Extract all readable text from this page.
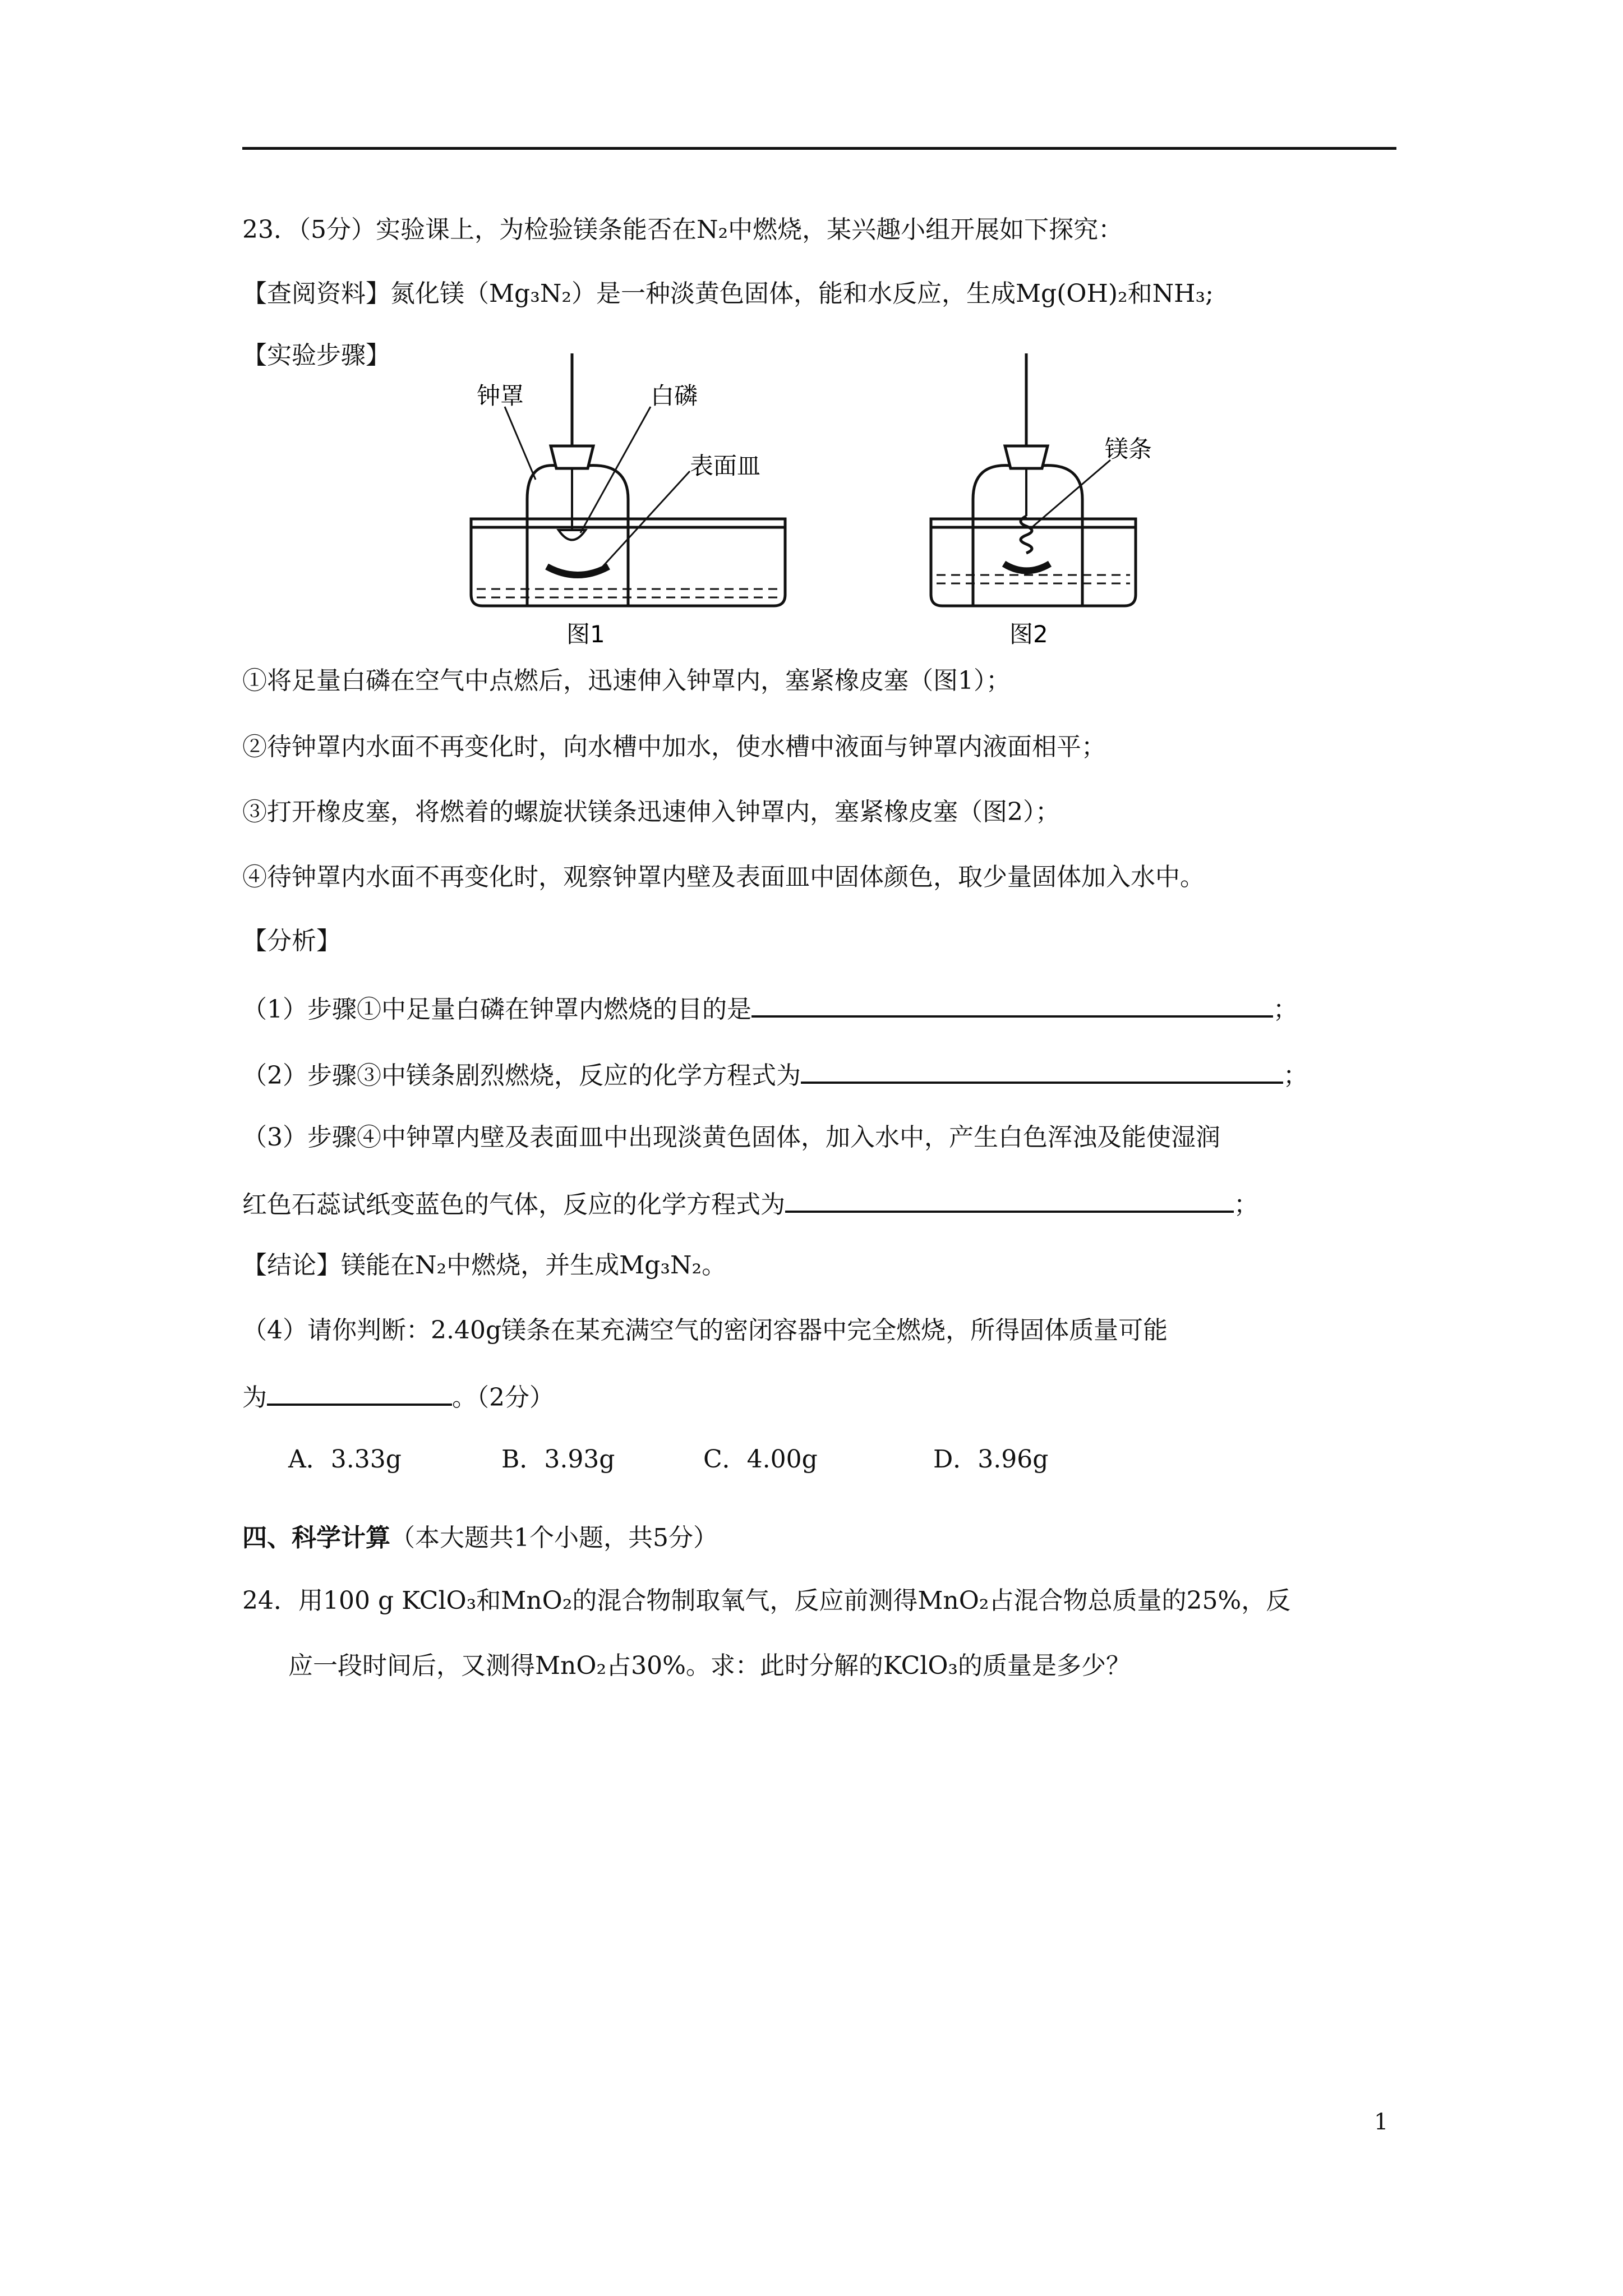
23．（5分）实验课上，为检验镁条能否在N₂中燃烧，某兴趣小组开展如下探究：
【查阅资料】氮化镁（Mg₃N₂）是一种淡黄色固体，能和水反应，生成Mg(OH)₂和NH₃;
【实验步骤】
钟罩	白磷
表面皿
图1
镁条
图2
①将足量白磷在空气中点燃后，迅速伸入钟罩内，塞紧橡皮塞（图1）；
②待钟罩内水面不再变化时，向水槽中加水，使水槽中液面与钟罩内液面相平；
③打开橡皮塞，将燃着的螺旋状镁条迅速伸入钟罩内，塞紧橡皮塞（图2）；
④待钟罩内水面不再变化时，观察钟罩内壁及表面皿中固体颜色，取少量固体加入水中。
【分析】
（1）步骤①中足量白磷在钟罩内燃烧的目的是	；
（2）步骤③中镁条剧烈燃烧，反应的化学方程式为	；
（3）步骤④中钟罩内壁及表面皿中出现淡黄色固体，加入水中，产生白色浑浊及能使湿润
红色石蕊试纸变蓝色的气体，反应的化学方程式为	；
【结论】镁能在N₂中燃烧，并生成Mg₃N₂。
（4）请你判断：2.40g镁条在某充满空气的密闭容器中完全燃烧，所得固体质量可能
为	。（2分）
A．3.33g	B．3.93g	C．4.00g	D．3.96g
四、科学计算（本大题共1个小题，共5分）
24．用100 g KClO₃和MnO₂的混合物制取氧气，反应前测得MnO₂占混合物总质量的25%，反
应一段时间后，又测得MnO₂占30%。求：此时分解的KClO₃的质量是多少？
1
